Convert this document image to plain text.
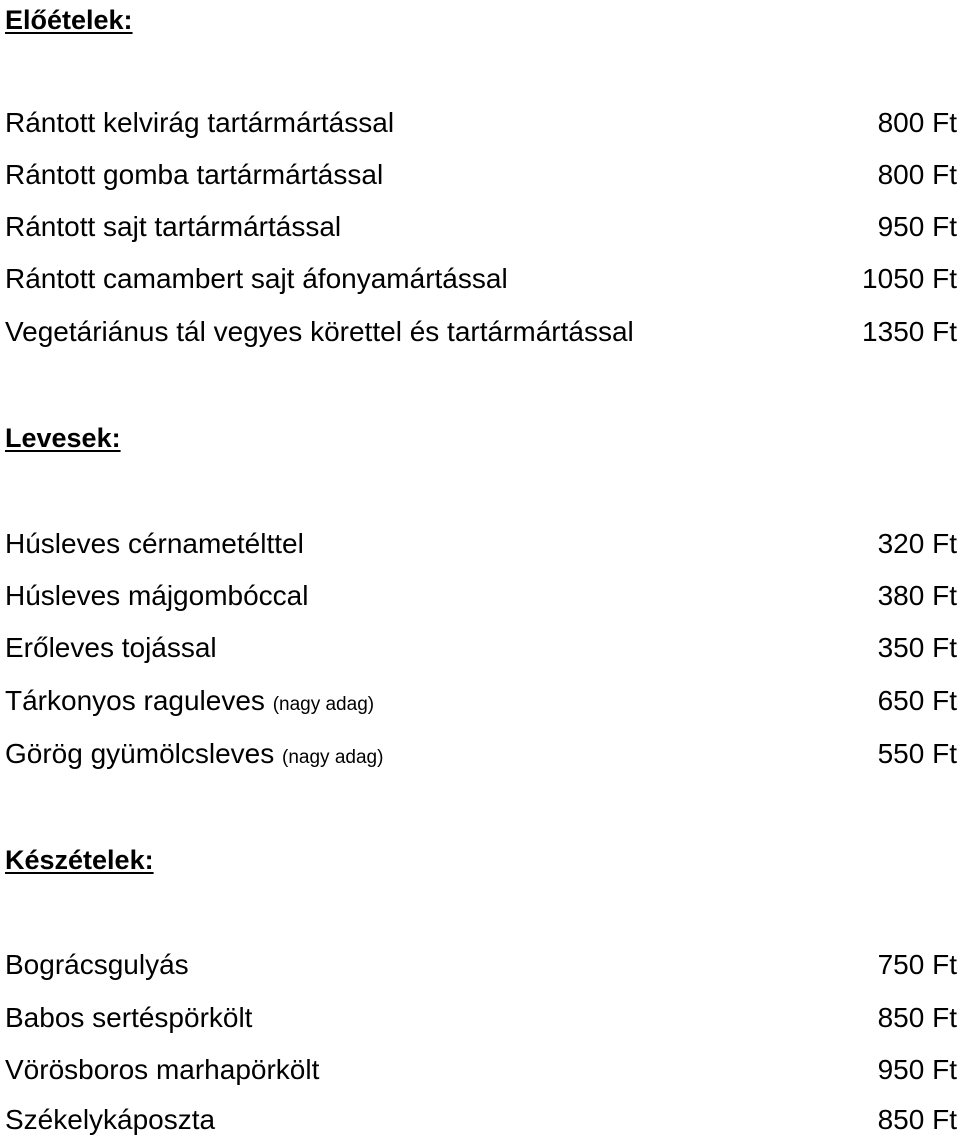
Előételek:
Rántott kelvirág tartármártással	800 Ft
Rántott gomba tartármártással	800 Ft
Rántott sajt tartármártással	950 Ft
Rántott camambert sajt áfonyamártással	1050 Ft
Vegetáriánus tál vegyes körettel és tartármártással	1350 Ft
Levesek:
Húsleves cérnametélttel	320 Ft
Húsleves májgombóccal	380 Ft
Erőleves tojással	350 Ft
Tárkonyos raguleves (nagy adag)	650 Ft
Görög gyümölcsleves (nagy adag)	550 Ft
Készételek:
Bográcsgulyás	750 Ft
Babos sertéspörkölt	850 Ft
Vörösboros marhapörkölt	950 Ft
Székelykáposzta	850 Ft
